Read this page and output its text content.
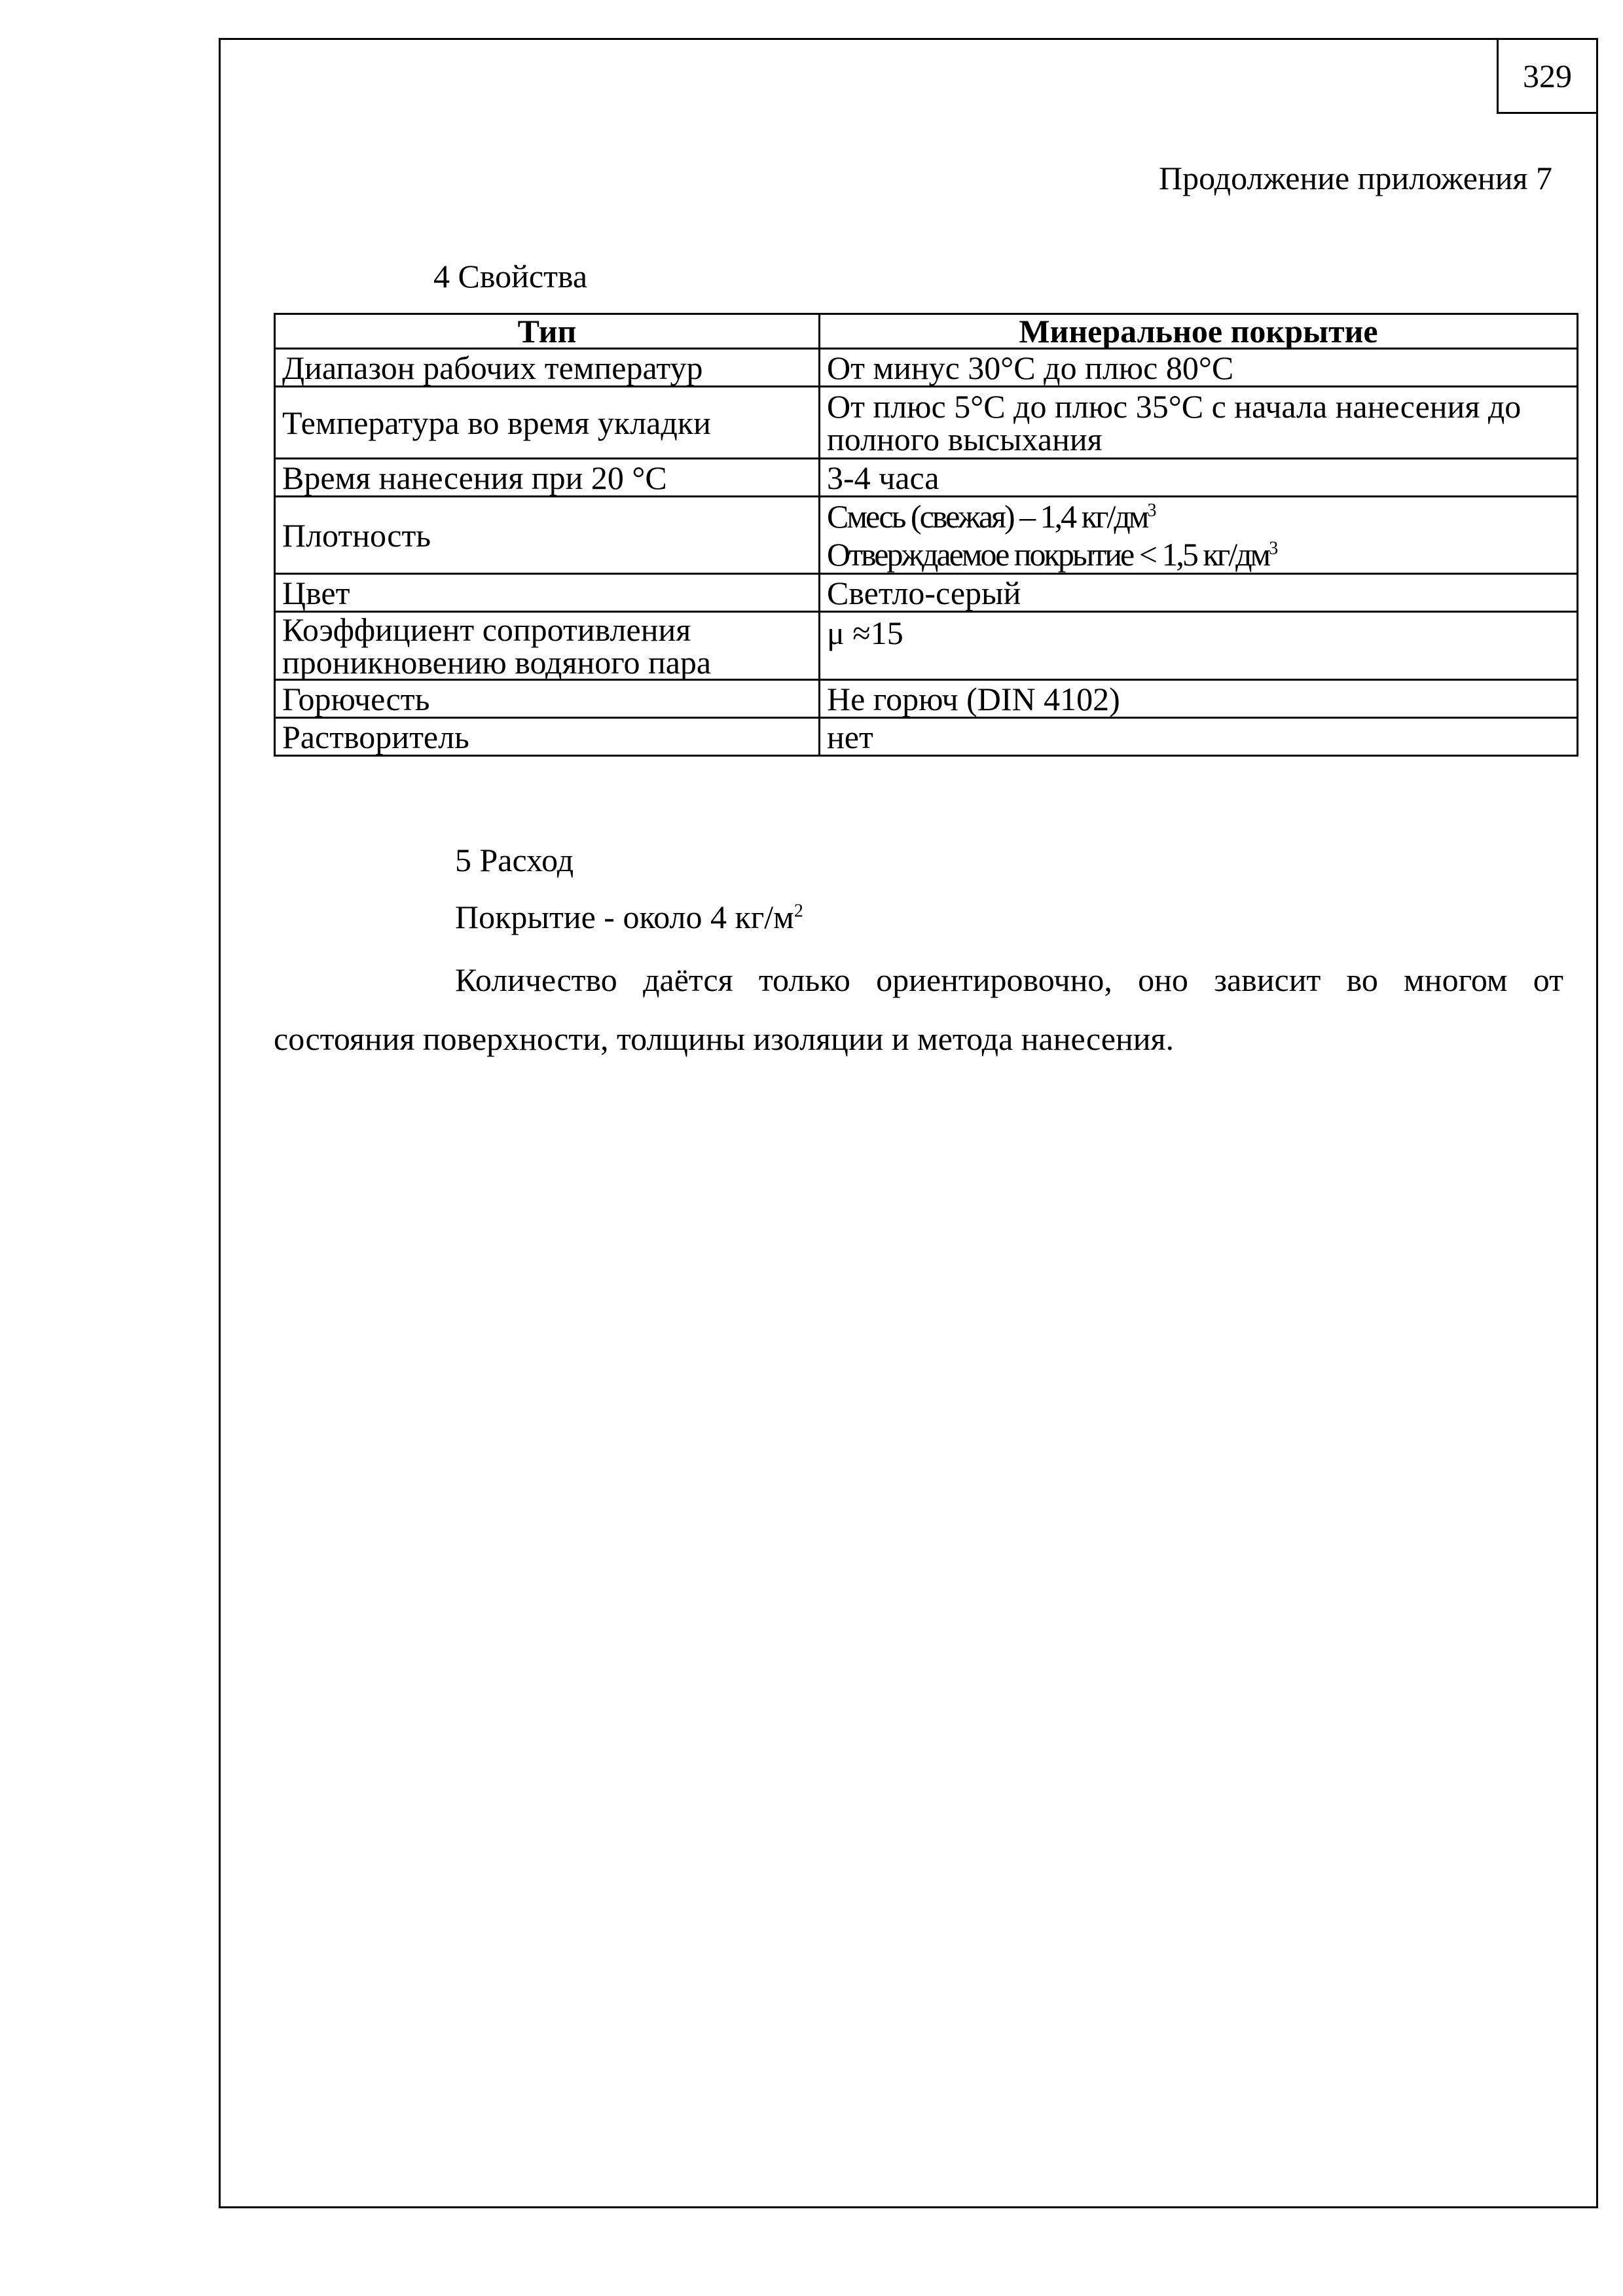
329
Продолжение приложения 7
4 Свойства
Тип	Минеральное покрытие
Диапазон рабочих температур	От минус 30°С до плюс 80°С
Температура во время укладки	От плюс 5°С до плюс 35°С с начала нанесения до полного высыхания
Время нанесения при 20 °С	3-4 часа
Плотность	Смесь (свежая) – 1,4 $кг/дм^3$
Отверждаемое покрытие < 1,5 $кг/дм^3$

Цвет	Светло-серый

Коэффициент сопротивления
проникновению водяного пара	μ ≈15
Горючесть	Не горюч (DIN 4102)
Растворитель	нет
5 Расход
Покрытие - около 4 $кг/м^2$
Количество даётся только ориентировочно, оно зависит во многом от состояния поверхности, толщины изоляции и метода нанесения.
